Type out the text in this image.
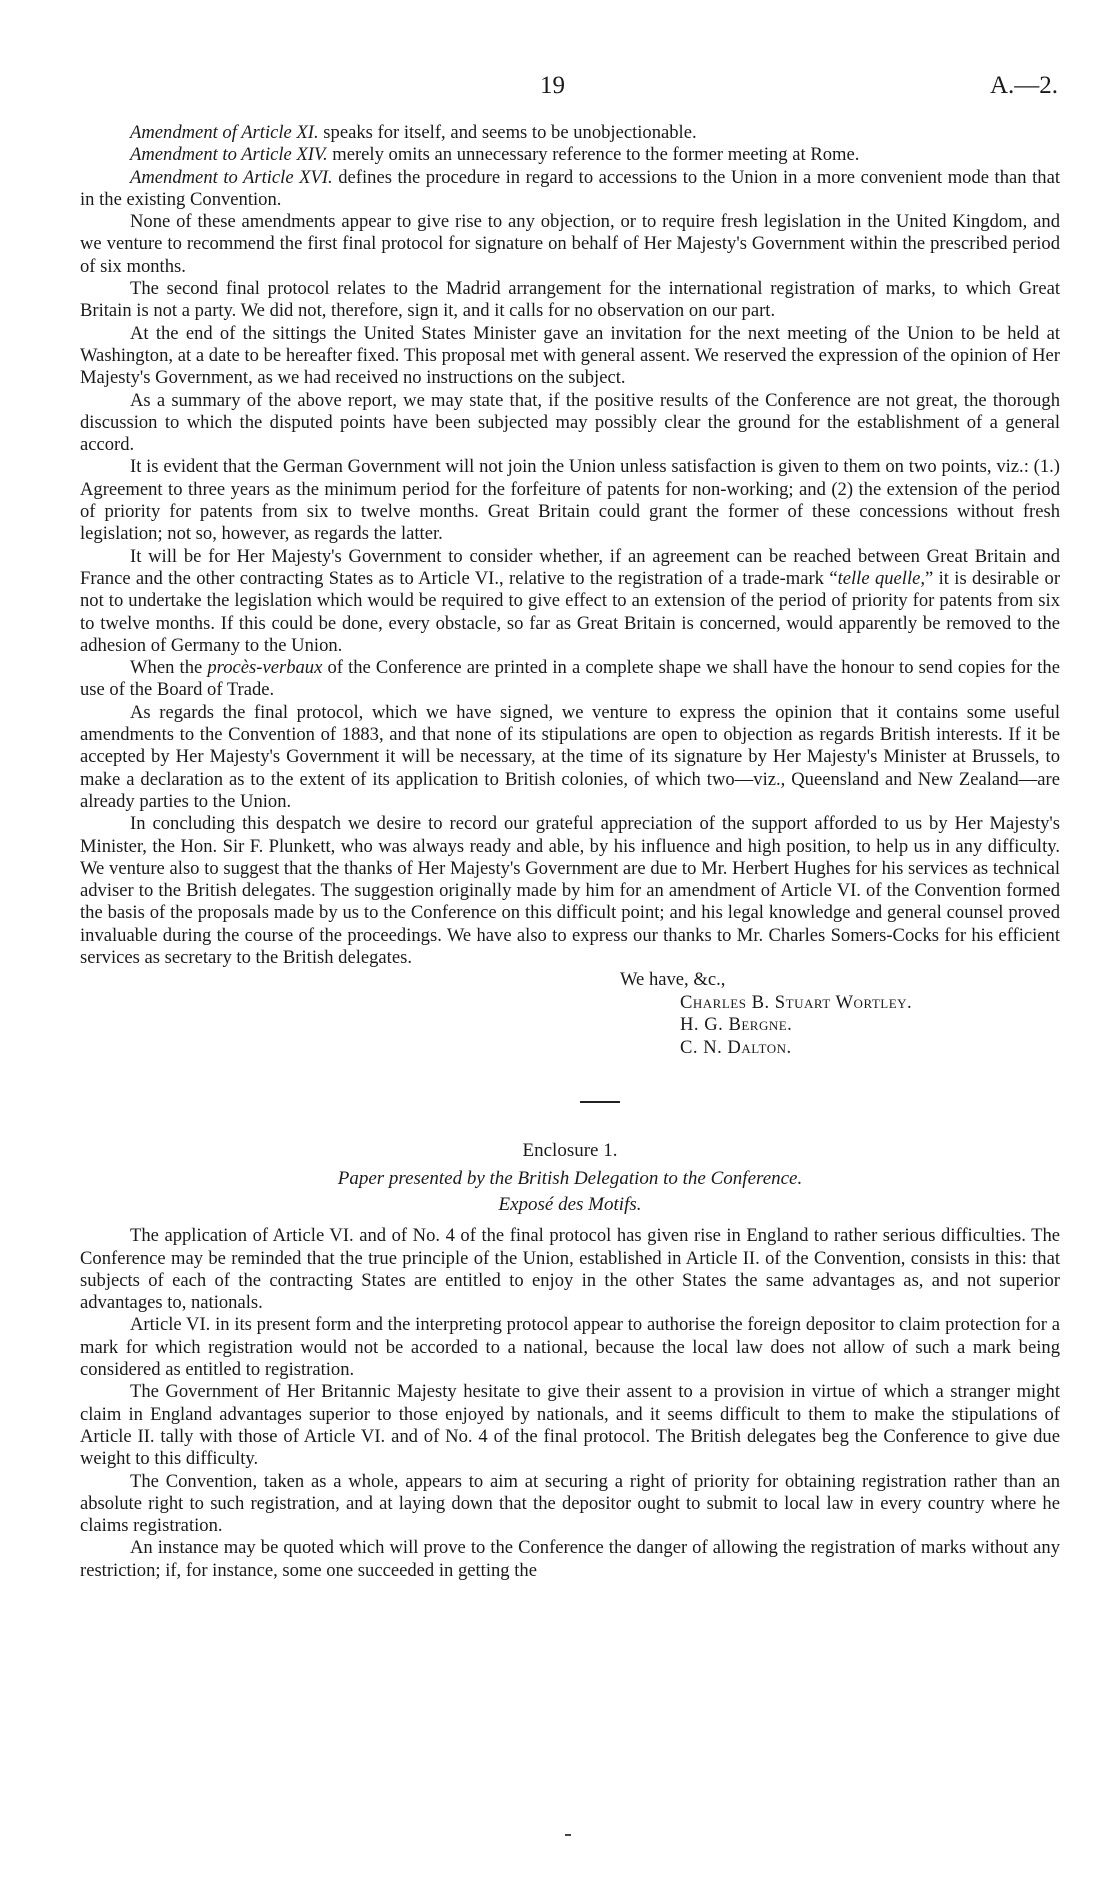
19	A.—2.

Amendment of Article XI. speaks for itself, and seems to be unobjectionable.

Amendment to Article XIV. merely omits an unnecessary reference to the former meeting at Rome.

Amendment to Article XVI. defines the procedure in regard to accessions to the Union in a more convenient mode than that in the existing Convention.

None of these amendments appear to give rise to any objection, or to require fresh legislation in the United Kingdom, and we venture to recommend the first final protocol for signature on behalf of Her Majesty's Government within the prescribed period of six months.

The second final protocol relates to the Madrid arrangement for the international registration of marks, to which Great Britain is not a party. We did not, therefore, sign it, and it calls for no observation on our part.

At the end of the sittings the United States Minister gave an invitation for the next meeting of the Union to be held at Washington, at a date to be hereafter fixed. This proposal met with general assent. We reserved the expression of the opinion of Her Majesty's Government, as we had received no instructions on the subject.

As a summary of the above report, we may state that, if the positive results of the Conference are not great, the thorough discussion to which the disputed points have been subjected may possibly clear the ground for the establishment of a general accord.

It is evident that the German Government will not join the Union unless satisfaction is given to them on two points, viz.: (1.) Agreement to three years as the minimum period for the forfeiture of patents for non-working; and (2) the extension of the period of priority for patents from six to twelve months. Great Britain could grant the former of these concessions without fresh legislation; not so, however, as regards the latter.

It will be for Her Majesty's Government to consider whether, if an agreement can be reached between Great Britain and France and the other contracting States as to Article VI., relative to the registration of a trade-mark “telle quelle,” it is desirable or not to undertake the legislation which would be required to give effect to an extension of the period of priority for patents from six to twelve months. If this could be done, every obstacle, so far as Great Britain is concerned, would apparently be removed to the adhesion of Germany to the Union.

When the procès-verbaux of the Conference are printed in a complete shape we shall have the honour to send copies for the use of the Board of Trade.

As regards the final protocol, which we have signed, we venture to express the opinion that it contains some useful amendments to the Convention of 1883, and that none of its stipulations are open to objection as regards British interests. If it be accepted by Her Majesty's Government it will be necessary, at the time of its signature by Her Majesty's Minister at Brussels, to make a declaration as to the extent of its application to British colonies, of which two—viz., Queensland and New Zealand—are already parties to the Union.

In concluding this despatch we desire to record our grateful appreciation of the support afforded to us by Her Majesty's Minister, the Hon. Sir F. Plunkett, who was always ready and able, by his influence and high position, to help us in any difficulty. We venture also to suggest that the thanks of Her Majesty's Government are due to Mr. Herbert Hughes for his services as technical adviser to the British delegates. The suggestion originally made by him for an amendment of Article VI. of the Convention formed the basis of the proposals made by us to the Conference on this difficult point; and his legal knowledge and general counsel proved invaluable during the course of the proceedings. We have also to express our thanks to Mr. Charles Somers-Cocks for his efficient services as secretary to the British delegates.

We have, &c.,

Charles B. Stuart Wortley.

H. G. Bergne.

C. N. Dalton.

Enclosure 1.

Paper presented by the British Delegation to the Conference.

Exposé des Motifs.

The application of Article VI. and of No. 4 of the final protocol has given rise in England to rather serious difficulties. The Conference may be reminded that the true principle of the Union, established in Article II. of the Convention, consists in this: that subjects of each of the contracting States are entitled to enjoy in the other States the same advantages as, and not superior advantages to, nationals.

Article VI. in its present form and the interpreting protocol appear to authorise the foreign depositor to claim protection for a mark for which registration would not be accorded to a national, because the local law does not allow of such a mark being considered as entitled to registration.

The Government of Her Britannic Majesty hesitate to give their assent to a provision in virtue of which a stranger might claim in England advantages superior to those enjoyed by nationals, and it seems difficult to them to make the stipulations of Article II. tally with those of Article VI. and of No. 4 of the final protocol. The British delegates beg the Conference to give due weight to this difficulty.

The Convention, taken as a whole, appears to aim at securing a right of priority for obtaining registration rather than an absolute right to such registration, and at laying down that the depositor ought to submit to local law in every country where he claims registration.

An instance may be quoted which will prove to the Conference the danger of allowing the registration of marks without any restriction; if, for instance, some one succeeded in getting the
